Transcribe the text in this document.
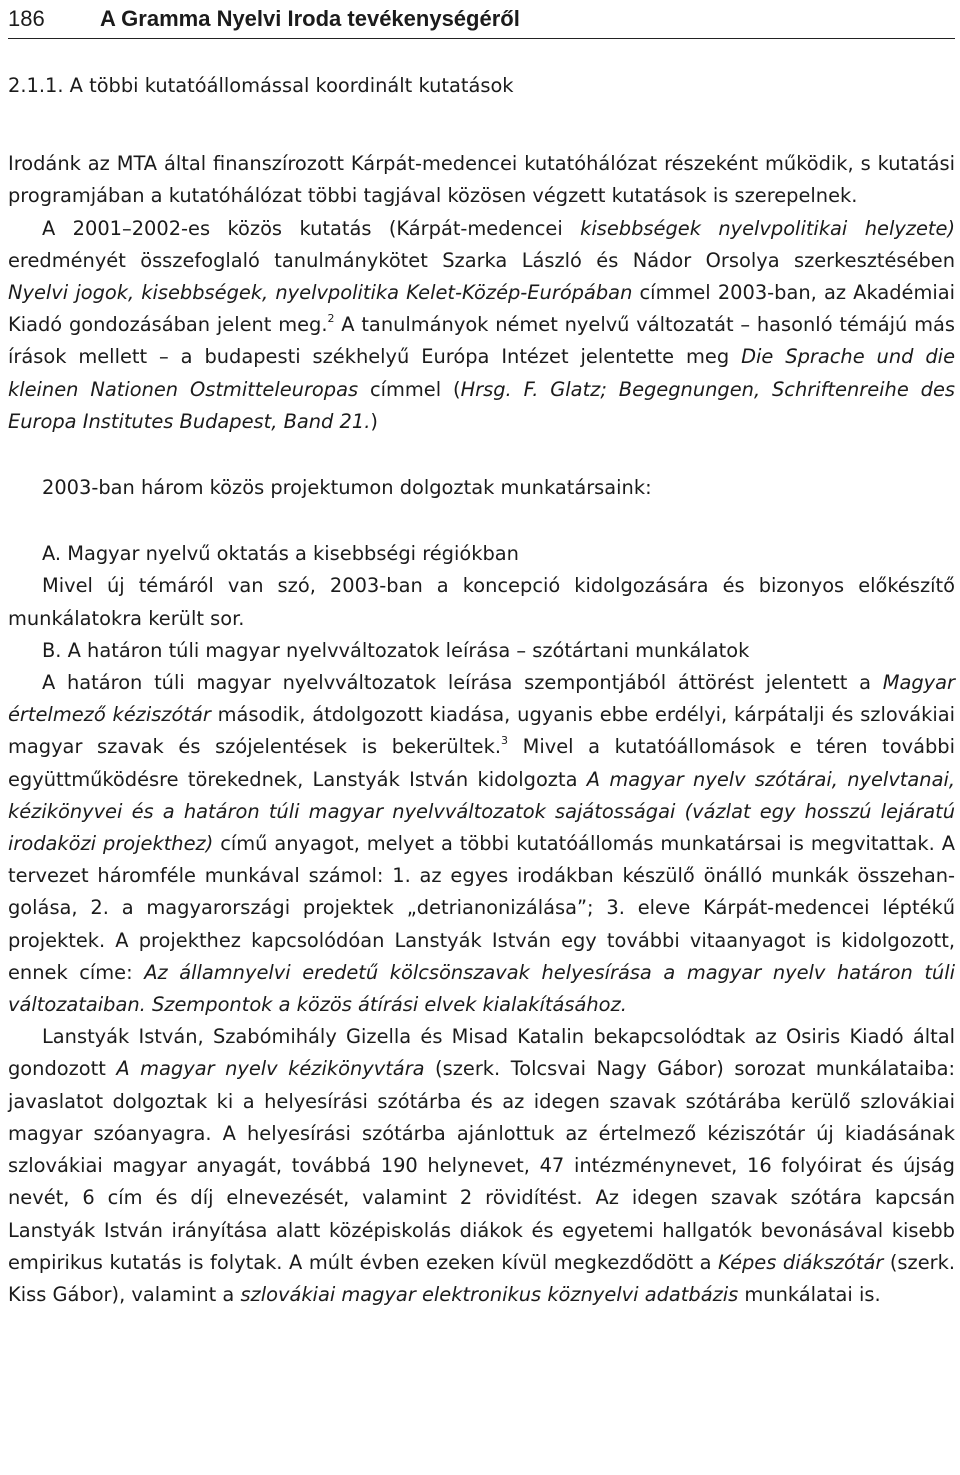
186	A Gramma Nyelvi Iroda tevékenységéről

2.1.1. A többi kutatóállomással koordinált kutatások

Irodánk az MTA által finanszírozott Kárpát-medencei kutatóhálózat részeként működik, s kutatási programjában a kutatóhálózat többi tagjával közösen végzett kutatások is szerepelnek.

A 2001–2002-es közös kutatás (Kárpát-medencei kisebbségek nyelvpolitikai helyzete) eredményét összefoglaló tanulmánykötet Szarka László és Nádor Orsolya szerkesztésében Nyelvi jogok, kisebbségek, nyelvpolitika Kelet-Közép-Európában címmel 2003-ban, az Akadémiai Kiadó gondozásában jelent meg.$^2$ A tanulmányok német nyelvű változatát – hasonló témájú más írások mellett – a budapesti székhelyű Európa Intézet jelentette meg Die Sprache und die kleinen Nationen Ostmitteleuropas címmel (Hrsg. F. Glatz; Begegnungen, Schriftenreihe des Europa Institutes Budapest, Band 21.)

2003-ban három közös projektumon dolgoztak munkatársaink:

A. Magyar nyelvű oktatás a kisebbségi régiókban

Mivel új témáról van szó, 2003-ban a koncepció kidolgozására és bizonyos előkészítő munkálatokra került sor.

B. A határon túli magyar nyelvváltozatok leírása – szótártani munkálatok

A határon túli magyar nyelvváltozatok leírása szempontjából áttörést jelentett a Magyar értelmező kéziszótár második, átdolgozott kiadása, ugyanis ebbe erdélyi, kárpátalji és szlovákiai magyar szavak és szójelentések is bekerültek.$^3$ Mivel a kutatóállomások e téren további együttműködésre törekednek, Lanstyák István kidolgozta A magyar nyelv szótárai, nyelvtanai, kézikönyvei és a határon túli magyar nyelvváltozatok sajátosságai (vázlat egy hosszú lejáratú irodaközi projekthez) című anyagot, melyet a többi kutatóállomás munkatársai is megvitattak. A tervezet háromféle munkával számol: 1. az egyes irodákban készülő önálló munkák összehangolása, 2. a magyarországi projektek „detrianonizálása”; 3. eleve Kárpát-medencei léptékű projektek. A projekthez kapcsolódóan Lanstyák István egy további vitaanyagot is kidolgozott, ennek címe: Az államnyelvi eredetű kölcsönszavak helyesírása a magyar nyelv határon túli változataiban. Szempontok a közös átírási elvek kialakításához.

Lanstyák István, Szabómihály Gizella és Misad Katalin bekapcsolódtak az Osiris Kiadó által gondozott A magyar nyelv kézikönyvtára (szerk. Tolcsvai Nagy Gábor) sorozat munkálataiba: javaslatot dolgoztak ki a helyesírási szótárba és az idegen szavak szótárába kerülő szlovákiai magyar szóanyagra. A helyesírási szótárba ajánlottuk az értelmező kéziszótár új kiadásának szlovákiai magyar anyagát, továbbá 190 helynevet, 47 intézménynevet, 16 folyóirat és újság nevét, 6 cím és díj elnevezését, valamint 2 rövidítést. Az idegen szavak szótára kapcsán Lanstyák István irányítása alatt középiskolás diákok és egyetemi hallgatók bevonásával kisebb empirikus kutatás is folytak. A múlt évben ezeken kívül megkezdődött a Képes diákszótár (szerk. Kiss Gábor), valamint a szlovákiai magyar elektronikus köznyelvi adatbázis munkálatai is.
